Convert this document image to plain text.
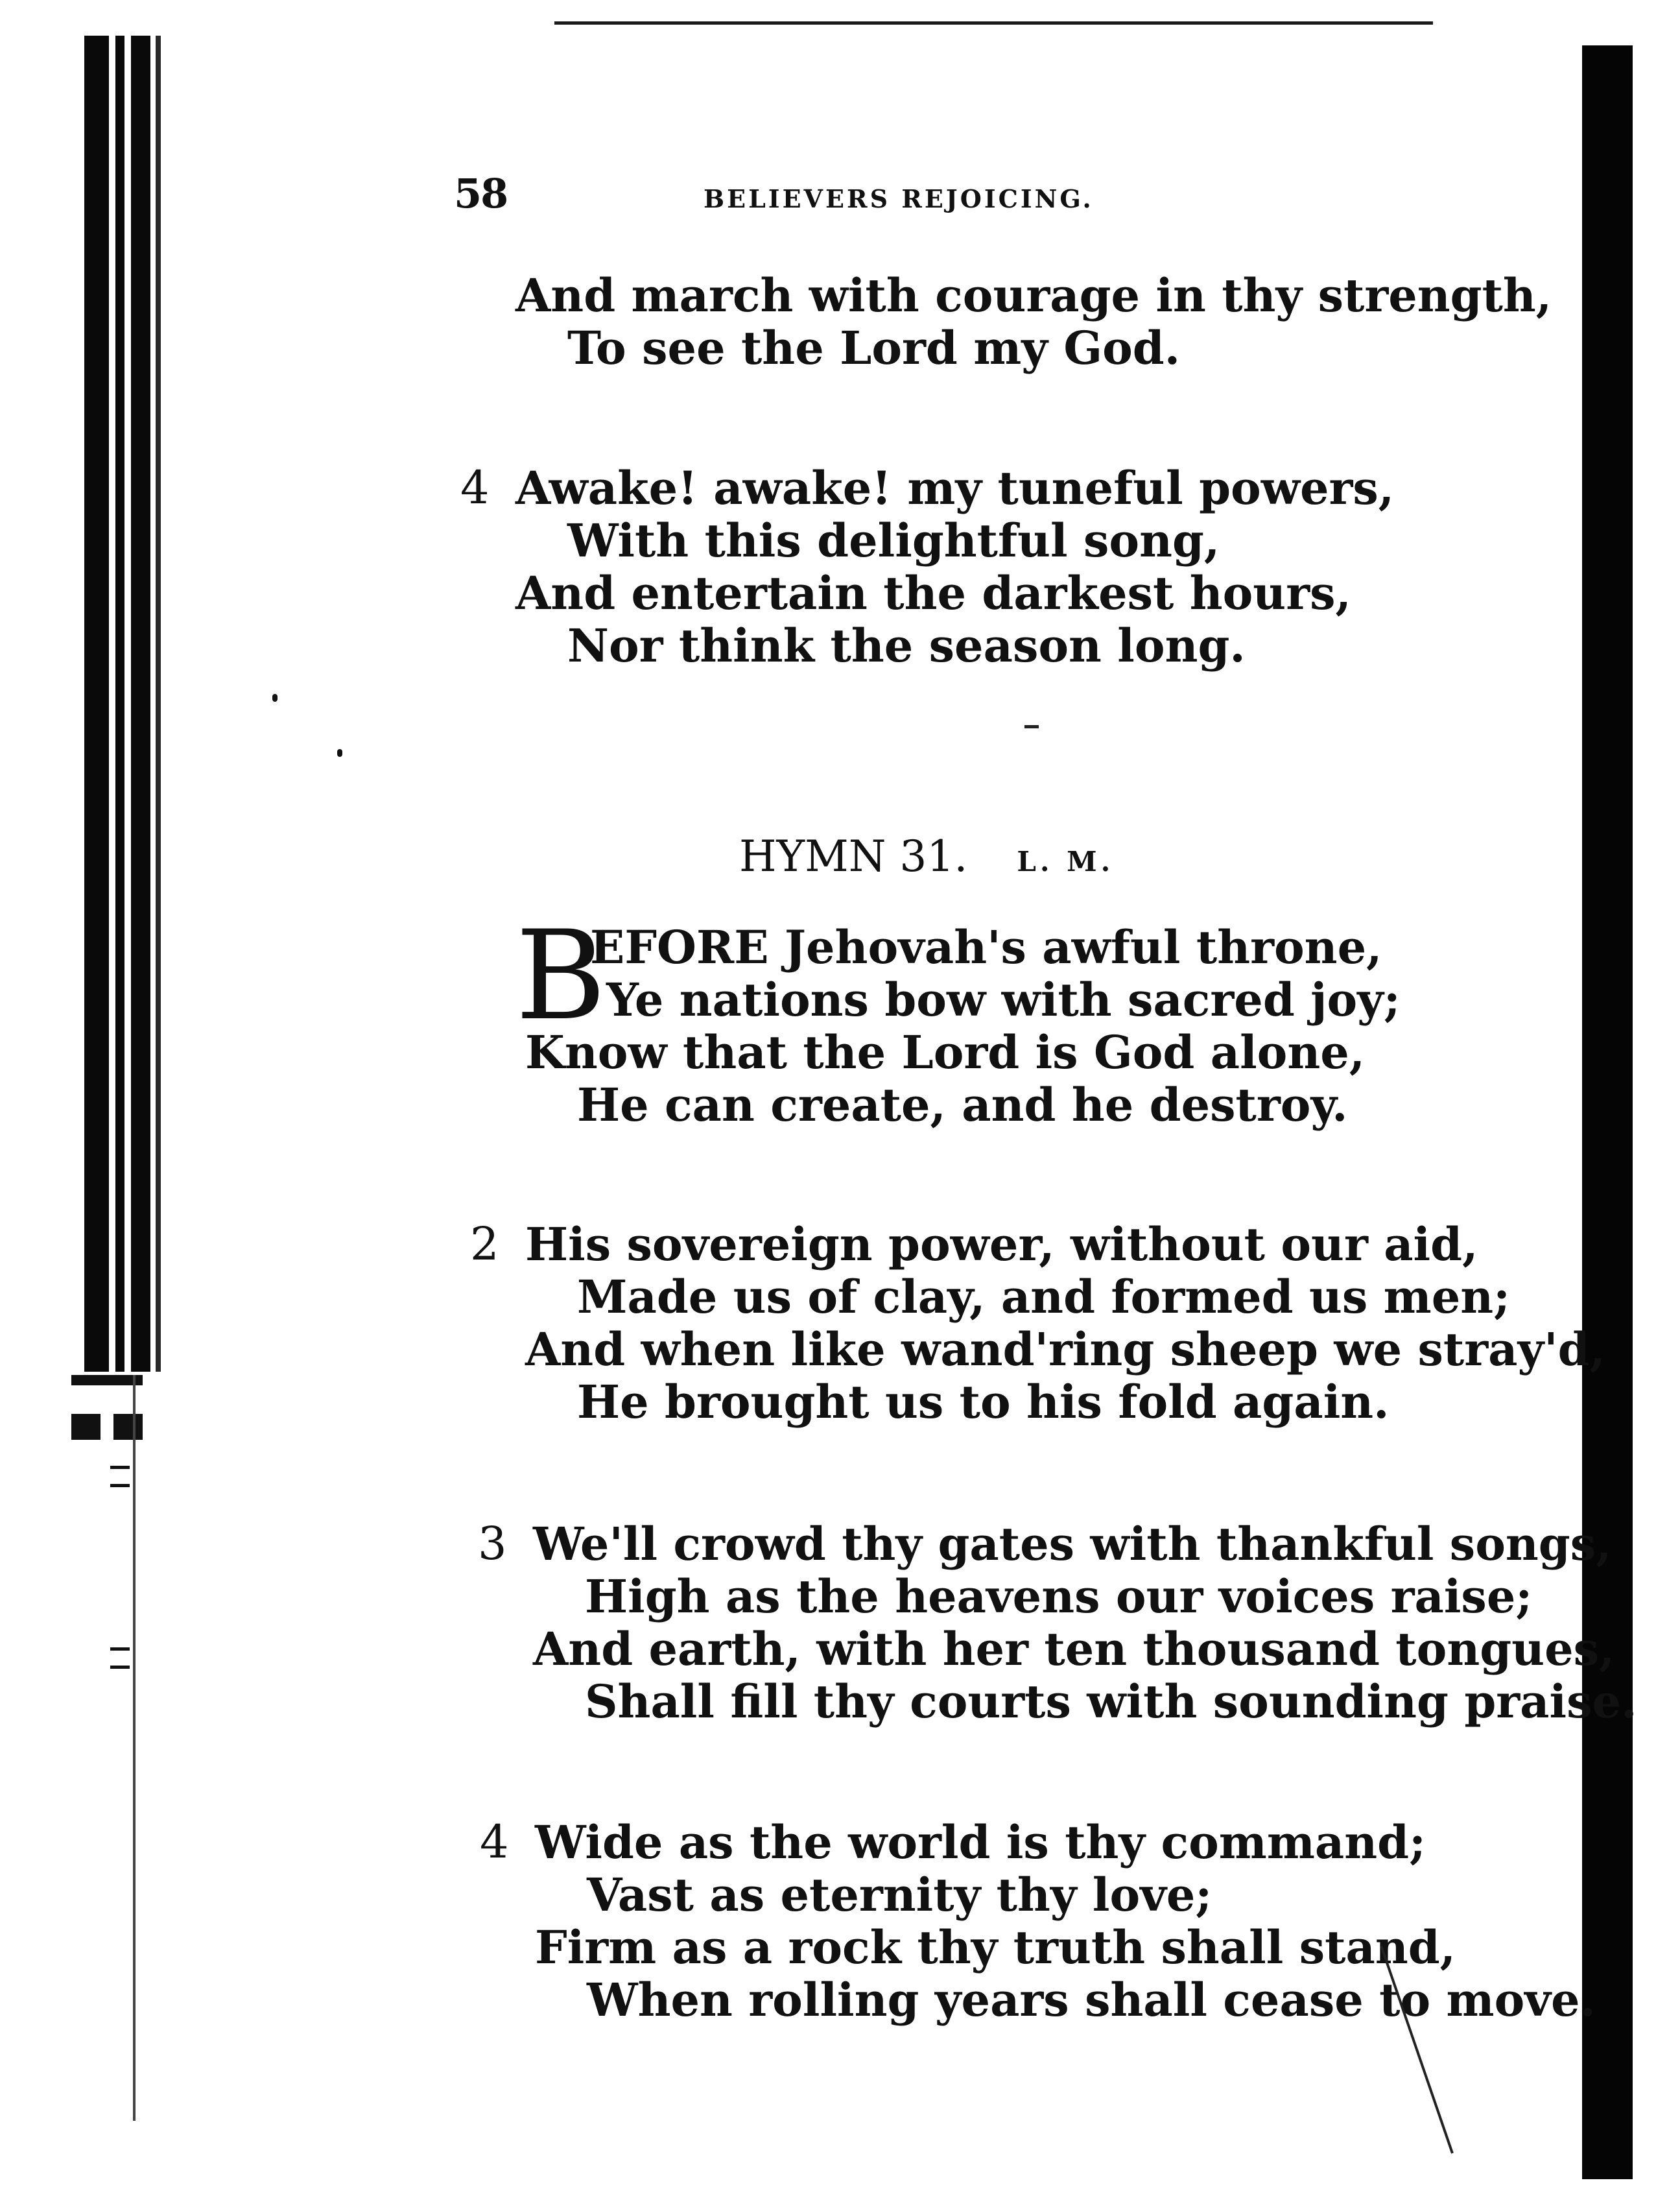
58	BELIEVERS REJOICING.
And march with courage in thy strength,
To see the Lord my God.
4 Awake! awake! my tuneful powers,
With this delightful song,
And entertain the darkest hours,
Nor think the season long.
HYMN 31. L. M.
B
EFORE Jehovah's awful throne,
Ye nations bow with sacred joy;
Know that the Lord is God alone,
He can create, and he destroy.
2 His sovereign power, without our aid,
Made us of clay, and formed us men;
And when like wand'ring sheep we stray'd,
He brought us to his fold again.
3 We'll crowd thy gates with thankful songs,
High as the heavens our voices raise;
And earth, with her ten thousand tongues,
Shall fill thy courts with sounding praise.
4 Wide as the world is thy command;
Vast as eternity thy love;
Firm as a rock thy truth shall stand,
When rolling years shall cease to move.
